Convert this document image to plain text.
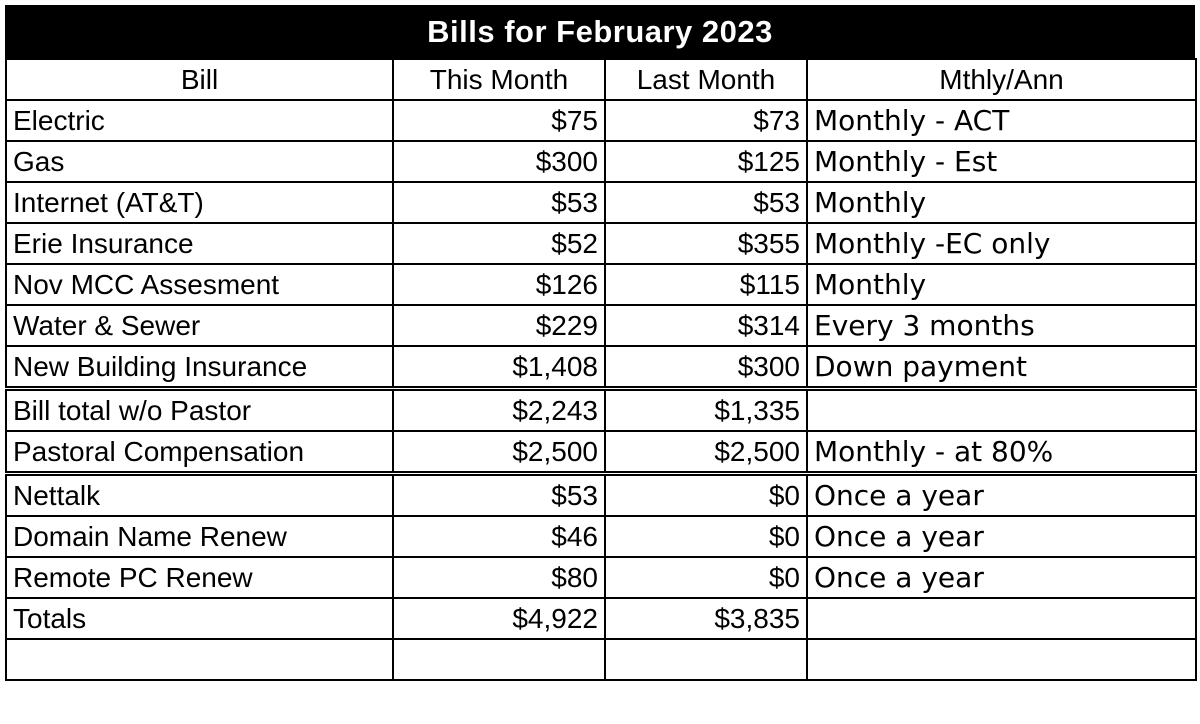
Bills for February 2023
Bill	This Month	Last Month	Mthly/Ann
Electric	$75	$73	Monthly - ACT
Gas	$300	$125	Monthly - Est
Internet (AT&T)	$53	$53	Monthly
Erie Insurance	$52	$355	Monthly -EC only
Nov MCC Assesment	$126	$115	Monthly
Water & Sewer	$229	$314	Every 3 months
New Building Insurance	$1,408	$300	Down payment
Bill total w/o Pastor	$2,243	$1,335	
Pastoral Compensation	$2,500	$2,500	Monthly - at 80%
Nettalk	$53	$0	Once a year
Domain Name Renew	$46	$0	Once a year
Remote PC Renew	$80	$0	Once a year
Totals	$4,922	$3,835	
